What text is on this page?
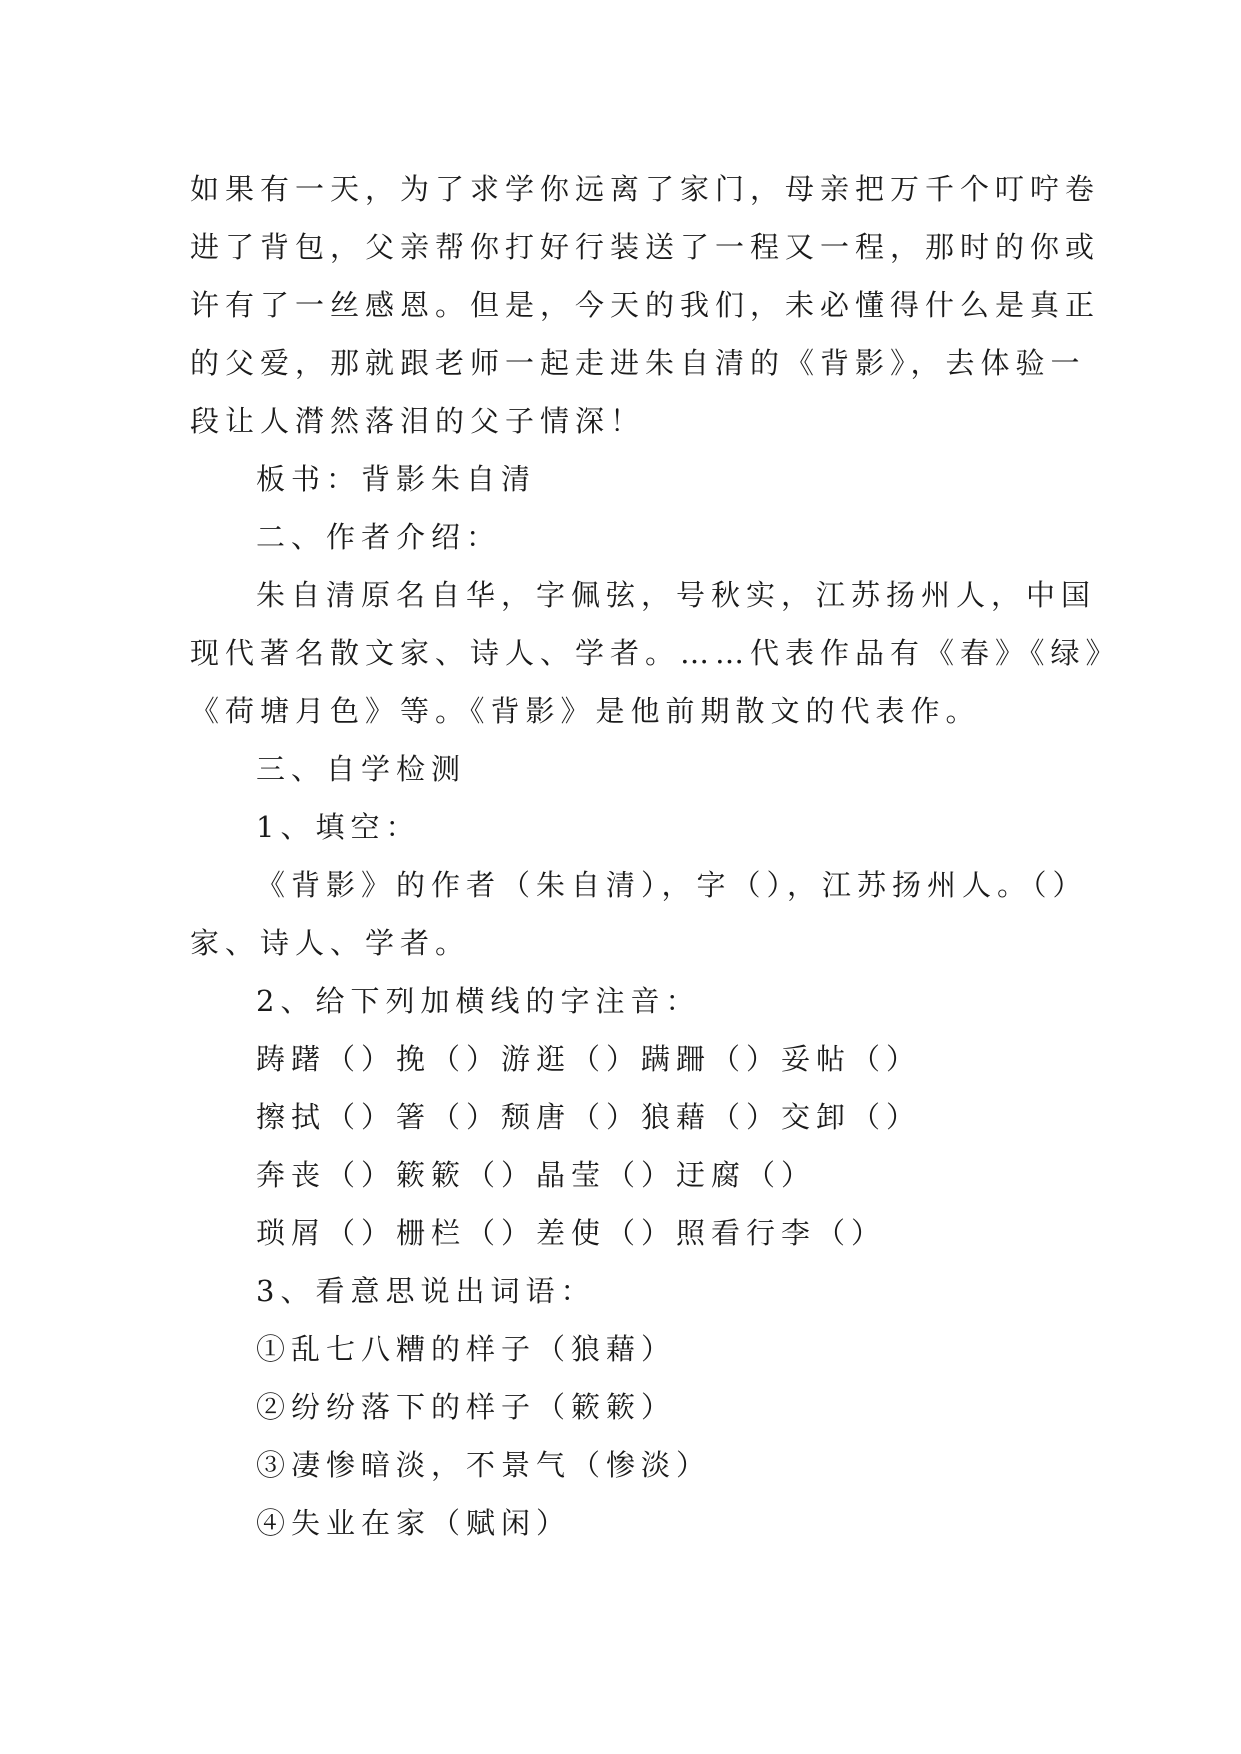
如果有一天，为了求学你远离了家门，母亲把万千个叮咛卷

进了背包，父亲帮你打好行装送了一程又一程，那时的你或

许有了一丝感恩。但是，今天的我们，未必懂得什么是真正

的父爱，那就跟老师一起走进朱自清的《背影》，去体验一

段让人潸然落泪的父子情深！

板书：背影朱自清

二、作者介绍：

朱自清原名自华，字佩弦，号秋实，江苏扬州人，中国

现代著名散文家、诗人、学者。……代表作品有《春》《绿》

《荷塘月色》等。《背影》是他前期散文的代表作。

三、自学检测

1、填空：

《背影》的作者（朱自清），字（），江苏扬州人。（）

家、诗人、学者。

2、给下列加横线的字注音：

踌躇（）挽（）游逛（）蹒跚（）妥帖（）

擦拭（）箸（）颓唐（）狼藉（）交卸（）

奔丧（）簌簌（）晶莹（）迂腐（）

琐屑（）栅栏（）差使（）照看行李（）

3、看意思说出词语：

①乱七八糟的样子（狼藉）

②纷纷落下的样子（簌簌）

③凄惨暗淡，不景气（惨淡）

④失业在家（赋闲）
